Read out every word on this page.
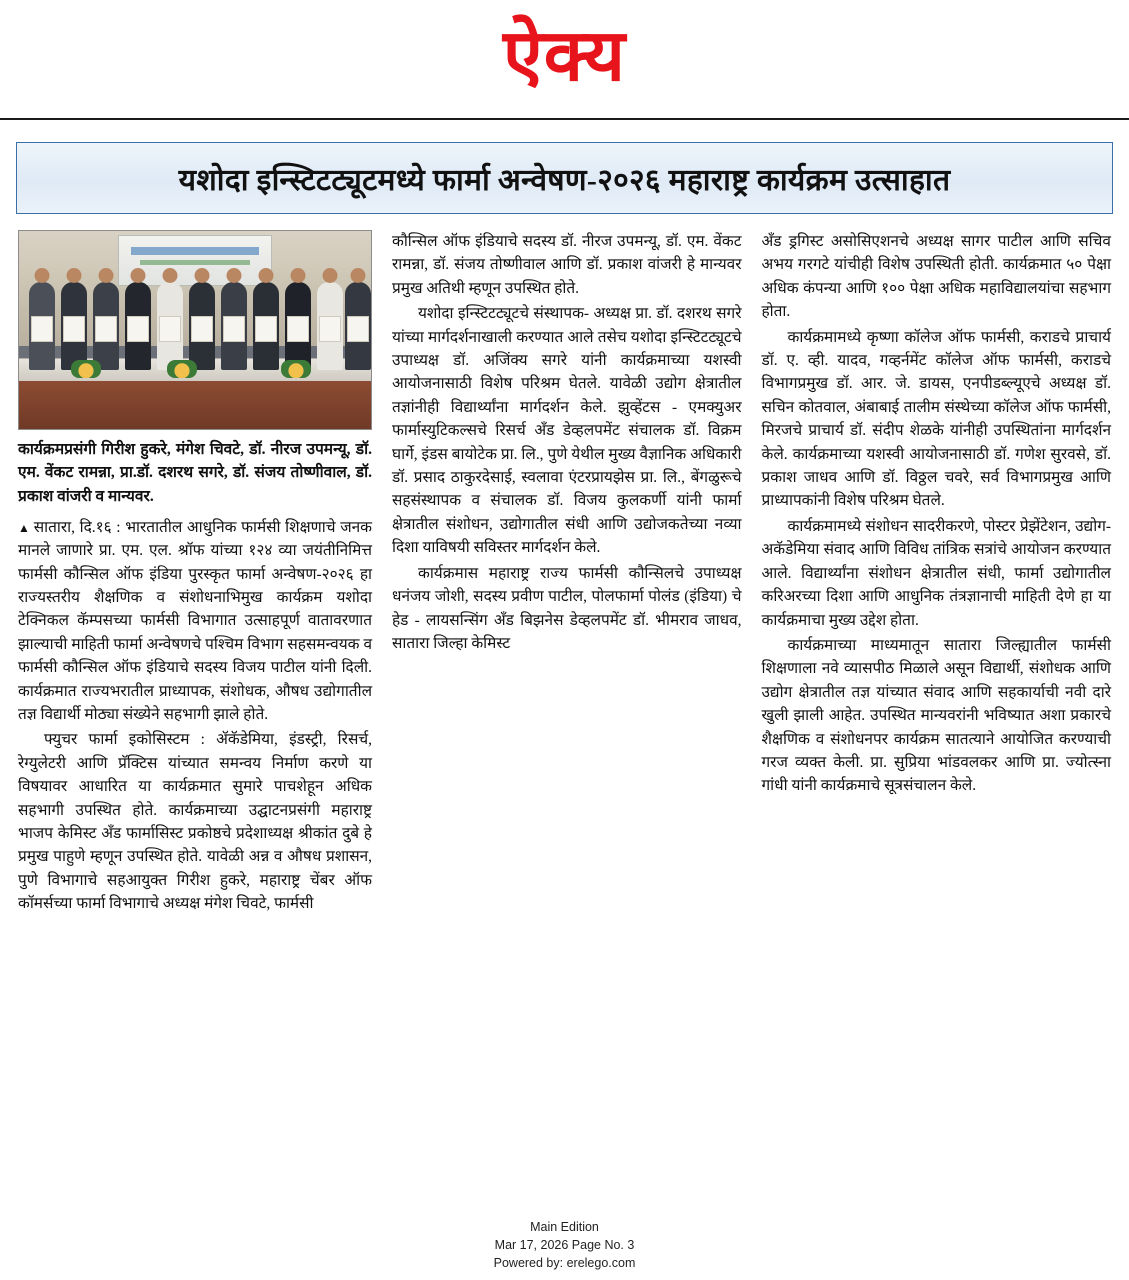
ऐक्य
यशोदा इन्स्टिटट्यूटमध्ये फार्मा अन्वेषण-२०२६ महाराष्ट्र कार्यक्रम उत्साहात
कार्यक्रमप्रसंगी गिरीश हुकरे, मंगेश चिवटे, डॉ. नीरज उपमन्यू, डॉ. एम. वेंकट रामन्ना, प्रा.डॉ. दशरथ सगरे, डॉ. संजय तोष्णीवाल, डॉ. प्रकाश वांजरी व मान्यवर.

▲ सातारा, दि.१६ : भारतातील आधुनिक फार्मसी शिक्षणाचे जनक मानले जाणारे प्रा. एम. एल. श्रॉफ यांच्या १२४ व्या जयंतीनिमित्त फार्मसी कौन्सिल ऑफ इंडिया पुरस्कृत फार्मा अन्वेषण-२०२६ हा राज्यस्तरीय शैक्षणिक व संशोधनाभिमुख कार्यक्रम यशोदा टेक्निकल कॅम्पसच्या फार्मसी विभागात उत्साहपूर्ण वातावरणात झाल्याची माहिती फार्मा अन्वेषणचे पश्चिम विभाग सहसमन्वयक व फार्मसी कौन्सिल ऑफ इंडियाचे सदस्य विजय पाटील यांनी दिली. कार्यक्रमात राज्यभरातील प्राध्यापक, संशोधक, औषध उद्योगातील तज्ञ विद्यार्थी मोठ्या संख्येने सहभागी झाले होते.

फ्युचर फार्मा इकोसिस्टम : ॲकॅडेमिया, इंडस्ट्री, रिसर्च, रेग्युलेटरी आणि प्रॅक्टिस यांच्यात समन्वय निर्माण करणे या विषयावर आधारित या कार्यक्रमात सुमारे पाचशेहून अधिक सहभागी उपस्थित होते. कार्यक्रमाच्या उद्घाटनप्रसंगी महाराष्ट्र भाजप केमिस्ट अँड फार्मासिस्ट प्रकोष्ठचे प्रदेशाध्यक्ष श्रीकांत दुबे हे प्रमुख पाहुणे म्हणून उपस्थित होते. यावेळी अन्न व औषध प्रशासन, पुणे विभागाचे सहआयुक्त गिरीश हुकरे, महाराष्ट्र चेंबर ऑफ कॉमर्सच्या फार्मा विभागाचे अध्यक्ष मंगेश चिवटे, फार्मसी

कौन्सिल ऑफ इंडियाचे सदस्य डॉ. नीरज उपमन्यू, डॉ. एम. वेंकट रामन्ना, डॉ. संजय तोष्णीवाल आणि डॉ. प्रकाश वांजरी हे मान्यवर प्रमुख अतिथी म्हणून उपस्थित होते.

यशोदा इन्स्टिटट्यूटचे संस्थापक- अध्यक्ष प्रा. डॉ. दशरथ सगरे यांच्या मार्गदर्शनाखाली करण्यात आले तसेच यशोदा इन्स्टिटट्यूटचे उपाध्यक्ष डॉ. अजिंक्य सगरे यांनी कार्यक्रमाच्या यशस्वी आयोजनासाठी विशेष परिश्रम घेतले. यावेळी उद्योग क्षेत्रातील तज्ञांनीही विद्यार्थ्यांना मार्गदर्शन केले. झुव्हेंटस - एमक्युअर फार्मास्युटिकल्सचे रिसर्च अँड डेव्हलपमेंट संचालक डॉ. विक्रम घार्गे, इंडस बायोटेक प्रा. लि., पुणे येथील मुख्य वैज्ञानिक अधिकारी डॉ. प्रसाद ठाकुरदेसाई, स्वलावा एंटरप्रायझेस प्रा. लि., बेंगळुरूचे सहसंस्थापक व संचालक डॉ. विजय कुलकर्णी यांनी फार्मा क्षेत्रातील संशोधन, उद्योगातील संधी आणि उद्योजकतेच्या नव्या दिशा याविषयी सविस्तर मार्गदर्शन केले.

कार्यक्रमास महाराष्ट्र राज्य फार्मसी कौन्सिलचे उपाध्यक्ष धनंजय जोशी, सदस्य प्रवीण पाटील, पोलफार्मा पोलंड (इंडिया) चे हेड - लायसन्सिंग अँड बिझनेस डेव्हलपमेंट डॉ. भीमराव जाधव, सातारा जिल्हा केमिस्ट

अँड ड्रगिस्ट असोसिएशनचे अध्यक्ष सागर पाटील आणि सचिव अभय गरगटे यांचीही विशेष उपस्थिती होती. कार्यक्रमात ५० पेक्षा अधिक कंपन्या आणि १०० पेक्षा अधिक महाविद्यालयांचा सहभाग होता.

कार्यक्रमामध्ये कृष्णा कॉलेज ऑफ फार्मसी, कराडचे प्राचार्य डॉ. ए. व्ही. यादव, गव्हर्नमेंट कॉलेज ऑफ फार्मसी, कराडचे विभागप्रमुख डॉ. आर. जे. डायस, एनपीडब्ल्यूएचे अध्यक्ष डॉ. सचिन कोतवाल, अंबाबाई तालीम संस्थेच्या कॉलेज ऑफ फार्मसी, मिरजचे प्राचार्य डॉ. संदीप शेळके यांनीही उपस्थितांना मार्गदर्शन केले. कार्यक्रमाच्या यशस्वी आयोजनासाठी डॉ. गणेश सुरवसे, डॉ. प्रकाश जाधव आणि डॉ. विठ्ठल चवरे, सर्व विभागप्रमुख आणि प्राध्यापकांनी विशेष परिश्रम घेतले.

कार्यक्रमामध्ये संशोधन सादरीकरणे, पोस्टर प्रेझेंटेशन, उद्योग-अकॅडेमिया संवाद आणि विविध तांत्रिक सत्रांचे आयोजन करण्यात आले. विद्यार्थ्यांना संशोधन क्षेत्रातील संधी, फार्मा उद्योगातील करिअरच्या दिशा आणि आधुनिक तंत्रज्ञानाची माहिती देणे हा या कार्यक्रमाचा मुख्य उद्देश होता.

कार्यक्रमाच्या माध्यमातून सातारा जिल्ह्यातील फार्मसी शिक्षणाला नवे व्यासपीठ मिळाले असून विद्यार्थी, संशोधक आणि उद्योग क्षेत्रातील तज्ञ यांच्यात संवाद आणि सहकार्याची नवी दारे खुली झाली आहेत. उपस्थित मान्यवरांनी भविष्यात अशा प्रकारचे शैक्षणिक व संशोधनपर कार्यक्रम सातत्याने आयोजित करण्याची गरज व्यक्त केली. प्रा. सुप्रिया भांडवलकर आणि प्रा. ज्योत्स्ना गांधी यांनी कार्यक्रमाचे सूत्रसंचालन केले.

Main Edition
Mar 17, 2026 Page No. 3
Powered by: erelego.com
